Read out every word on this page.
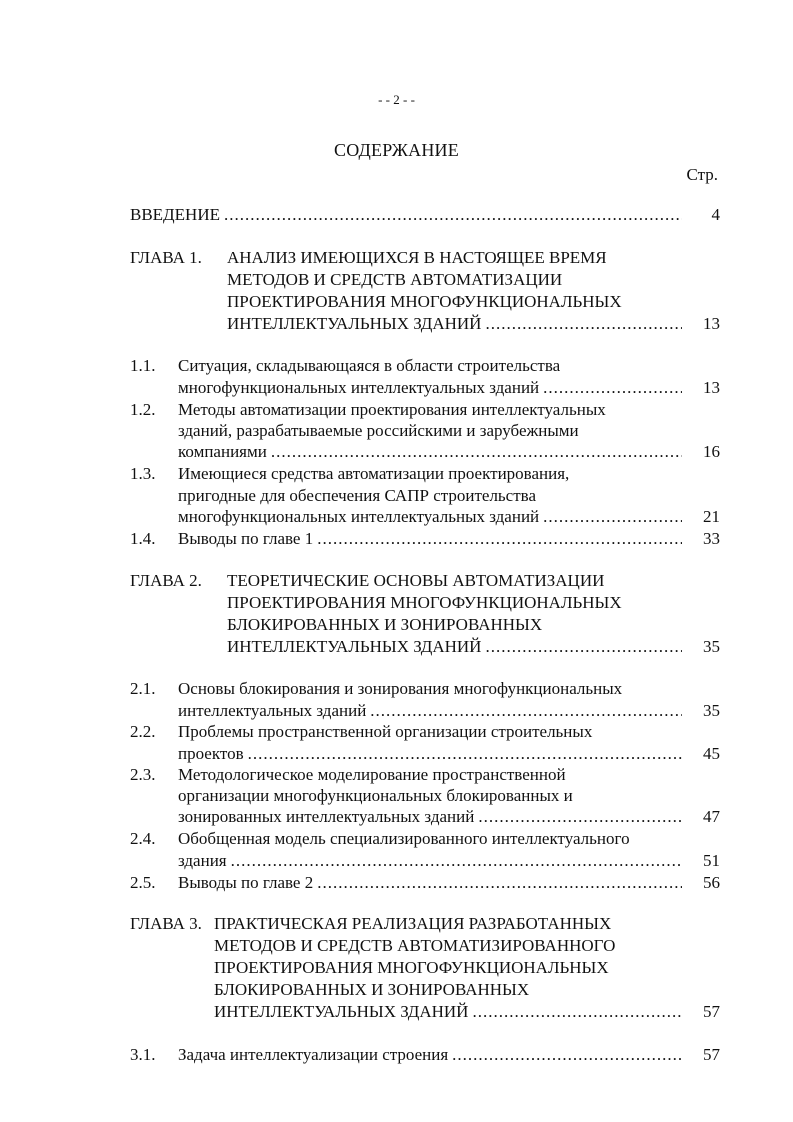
- - 2 - -
СОДЕРЖАНИЕ
Стр.
ВВЕДЕНИЕ .....	4
ГЛАВА 1. АНАЛИЗ ИМЕЮЩИХСЯ В НАСТОЯЩЕЕ ВРЕМЯ
МЕТОДОВ И СРЕДСТВ АВТОМАТИЗАЦИИ
ПРОЕКТИРОВАНИЯ МНОГОФУНКЦИОНАЛЬНЫХ
ИНТЕЛЛЕКТУАЛЬНЫХ ЗДАНИЙ .....	13
1.1. Ситуация, складывающаяся в области строительства
многофункциональных интеллектуальных зданий .....	13
1.2. Методы автоматизации проектирования интеллектуальных
зданий, разрабатываемые российскими и зарубежными
компаниями .....	16
1.3. Имеющиеся средства автоматизации проектирования,
пригодные для обеспечения САПР строительства
многофункциональных интеллектуальных зданий .....	21
1.4.	Выводы по главе 1 .....	33
ГЛАВА 2. ТЕОРЕТИЧЕСКИЕ ОСНОВЫ АВТОМАТИЗАЦИИ
ПРОЕКТИРОВАНИЯ МНОГОФУНКЦИОНАЛЬНЫХ
БЛОКИРОВАННЫХ И ЗОНИРОВАННЫХ
ИНТЕЛЛЕКТУАЛЬНЫХ ЗДАНИЙ .....	35
2.1. Основы блокирования и зонирования многофункциональных
интеллектуальных зданий .....	35
2.2. Проблемы пространственной организации строительных
проектов .....	45
2.3. Методологическое моделирование пространственной
организации многофункциональных блокированных и
зонированных интеллектуальных зданий .....	47
2.4. Обобщенная модель специализированного интеллектуального
здания .....	51
2.5.	Выводы по главе 2 .....	56
ГЛАВА 3. ПРАКТИЧЕСКАЯ РЕАЛИЗАЦИЯ РАЗРАБОТАННЫХ
МЕТОДОВ И СРЕДСТВ АВТОМАТИЗИРОВАННОГО
ПРОЕКТИРОВАНИЯ МНОГОФУНКЦИОНАЛЬНЫХ
БЛОКИРОВАННЫХ И ЗОНИРОВАННЫХ
ИНТЕЛЛЕКТУАЛЬНЫХ ЗДАНИЙ .....	57
3.1.	Задача интеллектуализации строения .....	57
